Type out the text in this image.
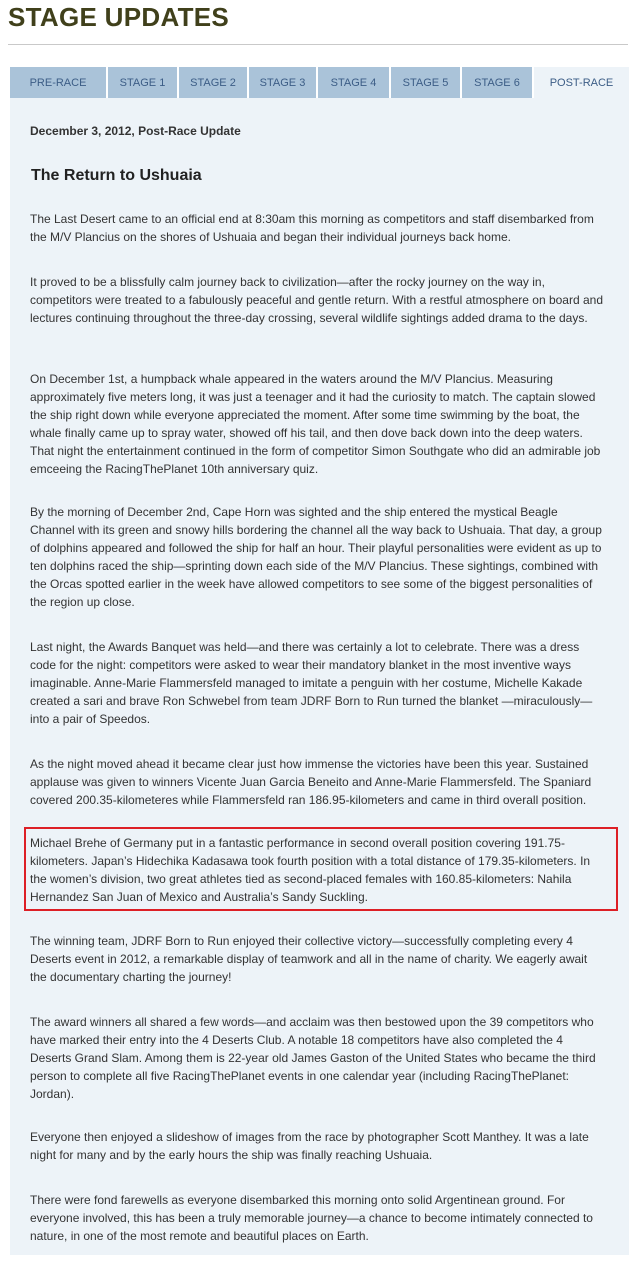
STAGE UPDATES
PRE-RACE	STAGE 1	STAGE 2	STAGE 3	STAGE 4	STAGE 5	STAGE 6	POST-RACE

December 3, 2012, Post-Race Update

The Return to Ushuaia

The Last Desert came to an official end at 8:30am this morning as competitors and staff disembarked from the M/V Plancius on the shores of Ushuaia and began their individual journeys back home.

It proved to be a blissfully calm journey back to civilization—after the rocky journey on the way in, competitors were treated to a fabulously peaceful and gentle return. With a restful atmosphere on board and lectures continuing throughout the three-day crossing, several wildlife sightings added drama to the days.

On December 1st, a humpback whale appeared in the waters around the M/V Plancius. Measuring approximately five meters long, it was just a teenager and it had the curiosity to match. The captain slowed the ship right down while everyone appreciated the moment. After some time swimming by the boat, the whale finally came up to spray water, showed off his tail, and then dove back down into the deep waters. That night the entertainment continued in the form of competitor Simon Southgate who did an admirable job emceeing the RacingThePlanet 10th anniversary quiz.

By the morning of December 2nd, Cape Horn was sighted and the ship entered the mystical Beagle Channel with its green and snowy hills bordering the channel all the way back to Ushuaia. That day, a group of dolphins appeared and followed the ship for half an hour. Their playful personalities were evident as up to ten dolphins raced the ship—sprinting down each side of the M/V Plancius. These sightings, combined with the Orcas spotted earlier in the week have allowed competitors to see some of the biggest personalities of the region up close.

Last night, the Awards Banquet was held—and there was certainly a lot to celebrate. There was a dress code for the night: competitors were asked to wear their mandatory blanket in the most inventive ways imaginable. Anne-Marie Flammersfeld managed to imitate a penguin with her costume, Michelle Kakade created a sari and brave Ron Schwebel from team JDRF Born to Run turned the blanket —miraculously—into a pair of Speedos.

As the night moved ahead it became clear just how immense the victories have been this year. Sustained applause was given to winners Vicente Juan Garcia Beneito and Anne-Marie Flammersfeld. The Spaniard covered 200.35-kilometeres while Flammersfeld ran 186.95-kilometers and came in third overall position.

Michael Brehe of Germany put in a fantastic performance in second overall position covering 191.75-kilometers. Japan’s Hidechika Kadasawa took fourth position with a total distance of 179.35-kilometers. In the women’s division, two great athletes tied as second-placed females with 160.85-kilometers: Nahila Hernandez San Juan of Mexico and Australia’s Sandy Suckling.

The winning team, JDRF Born to Run enjoyed their collective victory—successfully completing every 4 Deserts event in 2012, a remarkable display of teamwork and all in the name of charity. We eagerly await the documentary charting the journey!

The award winners all shared a few words—and acclaim was then bestowed upon the 39 competitors who have marked their entry into the 4 Deserts Club. A notable 18 competitors have also completed the 4 Deserts Grand Slam. Among them is 22-year old James Gaston of the United States who became the third person to complete all five RacingThePlanet events in one calendar year (including RacingThePlanet: Jordan).

Everyone then enjoyed a slideshow of images from the race by photographer Scott Manthey. It was a late night for many and by the early hours the ship was finally reaching Ushuaia.

There were fond farewells as everyone disembarked this morning onto solid Argentinean ground. For everyone involved, this has been a truly memorable journey—a chance to become intimately connected to nature, in one of the most remote and beautiful places on Earth.
